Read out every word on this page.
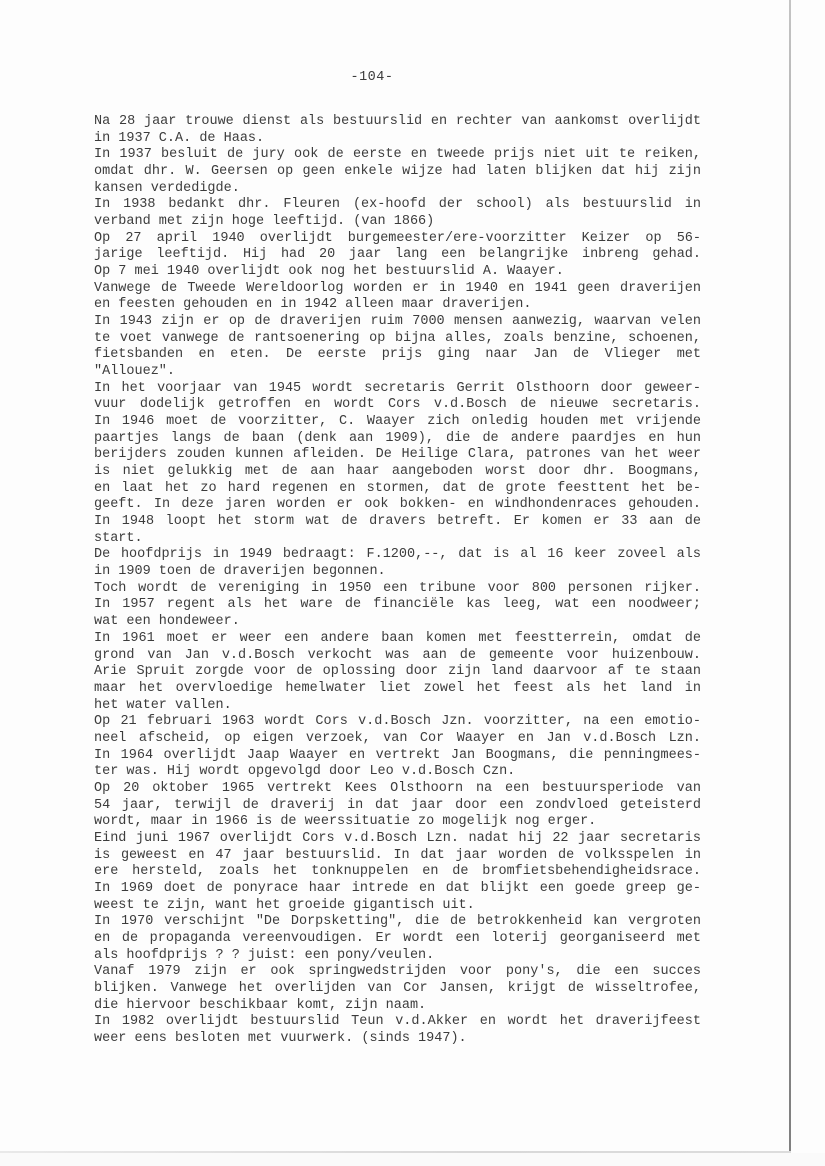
-104-
Na 28 jaar trouwe dienst als bestuurslid en rechter van aankomst overlijdt
in 1937 C.A. de Haas.
In 1937 besluit de jury ook de eerste en tweede prijs niet uit te reiken,
omdat dhr. W. Geersen op geen enkele wijze had laten blijken dat hij zijn
kansen verdedigde.
In 1938 bedankt dhr. Fleuren (ex-hoofd der school) als bestuurslid in
verband met zijn hoge leeftijd. (van 1866)
Op 27 april 1940 overlijdt burgemeester/ere-voorzitter Keizer op 56-
jarige leeftijd. Hij had 20 jaar lang een belangrijke inbreng gehad.
Op 7 mei 1940 overlijdt ook nog het bestuurslid A. Waayer.
Vanwege de Tweede Wereldoorlog worden er in 1940 en 1941 geen draverijen
en feesten gehouden en in 1942 alleen maar draverijen.
In 1943 zijn er op de draverijen ruim 7000 mensen aanwezig, waarvan velen
te voet vanwege de rantsoenering op bijna alles, zoals benzine, schoenen,
fietsbanden en eten. De eerste prijs ging naar Jan de Vlieger met
"Allouez".
In het voorjaar van 1945 wordt secretaris Gerrit Olsthoorn door geweer-
vuur dodelijk getroffen en wordt Cors v.d.Bosch de nieuwe secretaris.
In 1946 moet de voorzitter, C. Waayer zich onledig houden met vrijende
paartjes langs de baan (denk aan 1909), die de andere paardjes en hun
berijders zouden kunnen afleiden. De Heilige Clara, patrones van het weer
is niet gelukkig met de aan haar aangeboden worst door dhr. Boogmans,
en laat het zo hard regenen en stormen, dat de grote feesttent het be-
geeft. In deze jaren worden er ook bokken- en windhondenraces gehouden.
In 1948 loopt het storm wat de dravers betreft. Er komen er 33 aan de
start.
De hoofdprijs in 1949 bedraagt: F.1200,--, dat is al 16 keer zoveel als
in 1909 toen de draverijen begonnen.
Toch wordt de vereniging in 1950 een tribune voor 800 personen rijker.
In 1957 regent als het ware de financiële kas leeg, wat een noodweer;
wat een hondeweer.
In 1961 moet er weer een andere baan komen met feestterrein, omdat de
grond van Jan v.d.Bosch verkocht was aan de gemeente voor huizenbouw.
Arie Spruit zorgde voor de oplossing door zijn land daarvoor af te staan
maar het overvloedige hemelwater liet zowel het feest als het land in
het water vallen.
Op 21 februari 1963 wordt Cors v.d.Bosch Jzn. voorzitter, na een emotio-
neel afscheid, op eigen verzoek, van Cor Waayer en Jan v.d.Bosch Lzn.
In 1964 overlijdt Jaap Waayer en vertrekt Jan Boogmans, die penningmees-
ter was. Hij wordt opgevolgd door Leo v.d.Bosch Czn.
Op 20 oktober 1965 vertrekt Kees Olsthoorn na een bestuursperiode van
54 jaar, terwijl de draverij in dat jaar door een zondvloed geteisterd
wordt, maar in 1966 is de weerssituatie zo mogelijk nog erger.
Eind juni 1967 overlijdt Cors v.d.Bosch Lzn. nadat hij 22 jaar secretaris
is geweest en 47 jaar bestuurslid. In dat jaar worden de volksspelen in
ere hersteld, zoals het tonknuppelen en de bromfietsbehendigheidsrace.
In 1969 doet de ponyrace haar intrede en dat blijkt een goede greep ge-
weest te zijn, want het groeide gigantisch uit.
In 1970 verschijnt "De Dorpsketting", die de betrokkenheid kan vergroten
en de propaganda vereenvoudigen. Er wordt een loterij georganiseerd met
als hoofdprijs ? ? juist: een pony/veulen.
Vanaf 1979 zijn er ook springwedstrijden voor pony's, die een succes
blijken. Vanwege het overlijden van Cor Jansen, krijgt de wisseltrofee,
die hiervoor beschikbaar komt, zijn naam.
In 1982 overlijdt bestuurslid Teun v.d.Akker en wordt het draverijfeest
weer eens besloten met vuurwerk. (sinds 1947).
